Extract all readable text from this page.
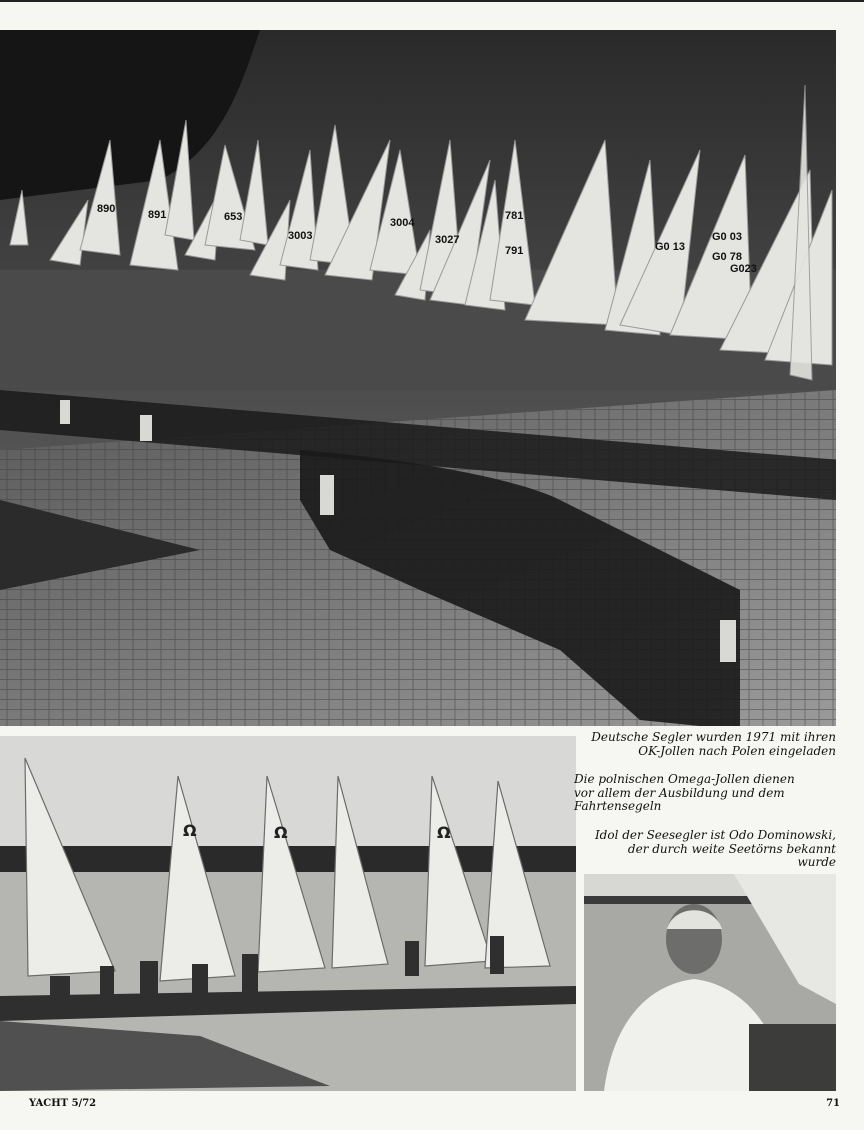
890	891	653
3003
3004
3027
781
791
G023
G0 13
G0 78
G0 03
Ω	Ω	Ω
Deutsche Segler wurden 1971 mit ihren
OK-Jollen nach Polen eingeladen
Die polnischen Omega-Jollen dienen
vor allem der Ausbildung und dem
Fahrtensegeln
Idol der Seesegler ist Odo Dominowski,
der durch weite Seetörns bekannt
wurde
YACHT 5/72	71
